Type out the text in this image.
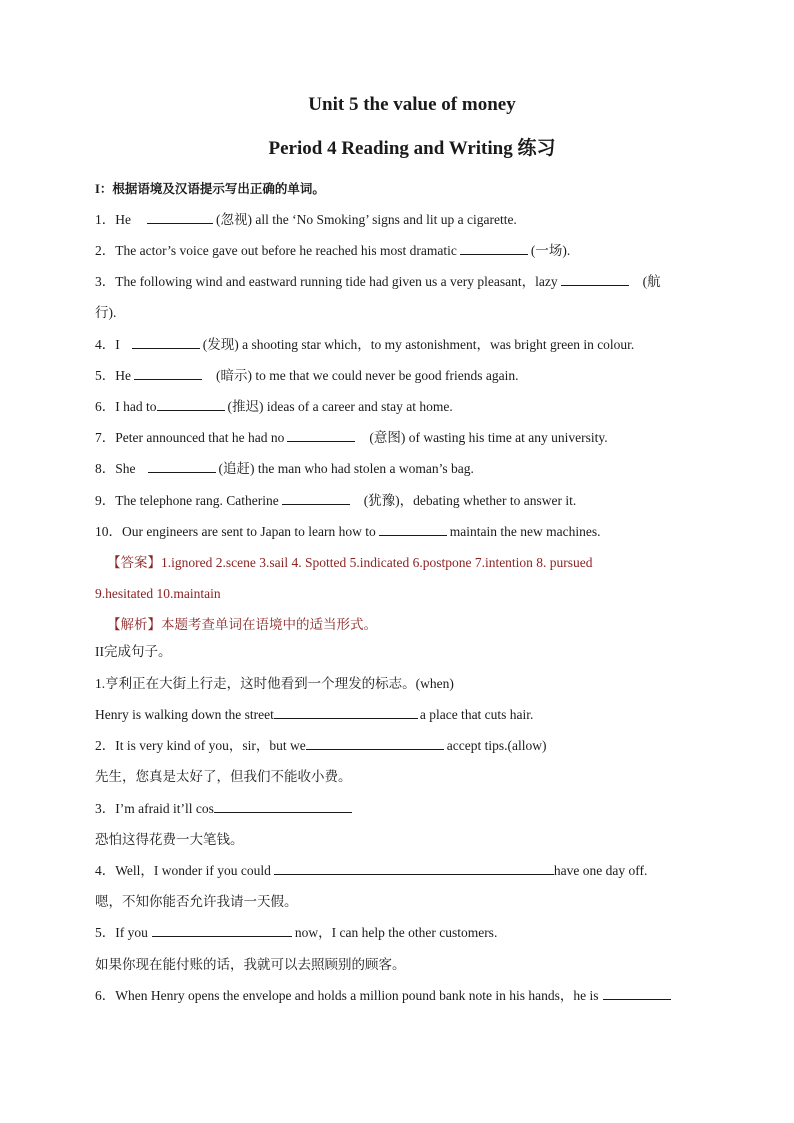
Unit 5 the value of money
Period 4 Reading and Writing 练习
I：根据语境及汉语提示写出正确的单词。
1．He	(忽视) all the ‘No Smoking’ signs and lit up a cigarette.
2．The actor’s voice gave out before he reached his most dramatic	(一场).
3．The following wind and eastward running tide had given us a very pleasant，lazy	(航
行).
4．I	(发现) a shooting star which，to my astonishment，was bright green in colour.
5．He	(暗示) to me that we could never be good friends again.
6．I had to	(推迟) ideas of a career and stay at home.
7．Peter announced that he had no	(意图) of wasting his time at any university.
8．She	(追赶) the man who had stolen a woman’s bag.
9．The telephone rang. Catherine	(犹豫)，debating whether to answer it.
10．Our engineers are sent to Japan to learn how to	maintain the new machines.
【答案】1.ignored 2.scene 3.sail 4. Spotted 5.indicated 6.postpone 7.intention 8. pursued
9.hesitated 10.maintain
【解析】本题考查单词在语境中的适当形式。
II完成句子。
1.亨利正在大街上行走，这时他看到一个理发的标志。(when)
Henry is walking down the street	a place that cuts hair.
2．It is very kind of you，sir，but we	accept tips.(allow)
先生，您真是太好了，但我们不能收小费。
3．I’m afraid it’ll cos
恐怕这得花费一大笔钱。
4．Well，I wonder if you could	have one day off.
嗯，不知你能否允许我请一天假。
5．If you	now，I can help the other customers.
如果你现在能付账的话，我就可以去照顾别的顾客。
6．When Henry opens the envelope and holds a million pound bank note in his hands，he is
